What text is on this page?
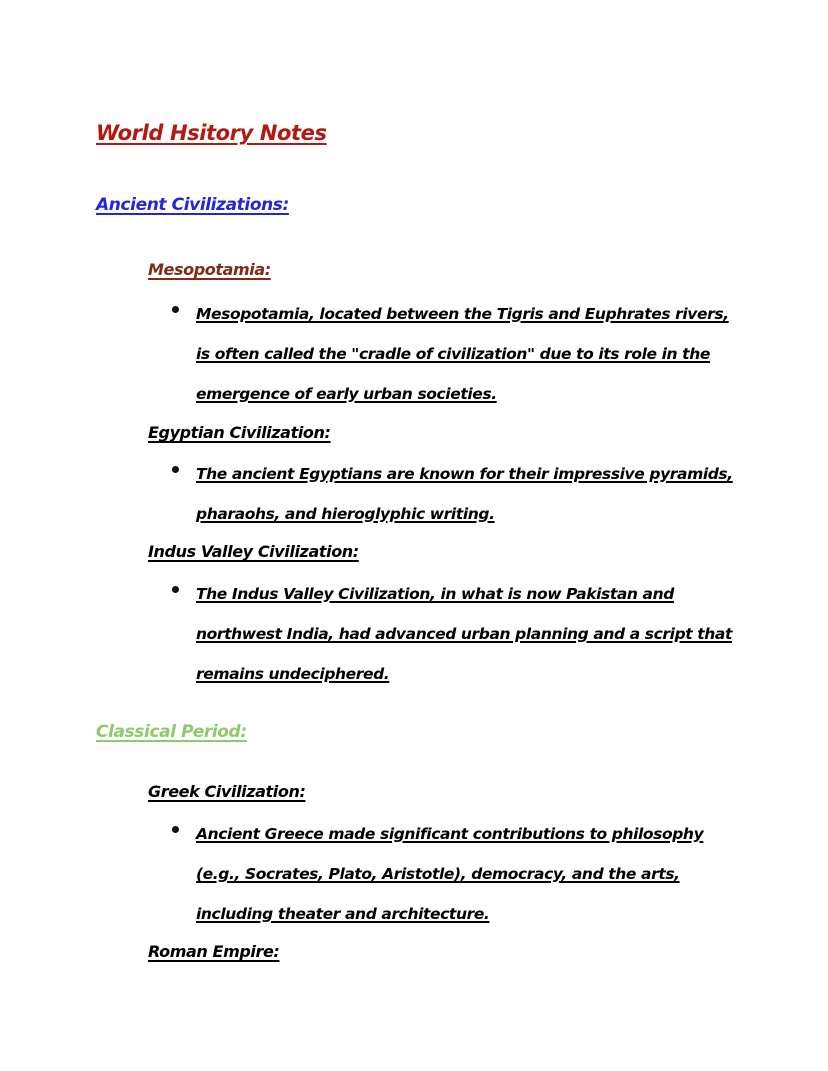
World Hsitory Notes
Ancient Civilizations:
Mesopotamia:
Mesopotamia, located between the Tigris and Euphrates rivers, is often called the "cradle of civilization" due to its role in the emergence of early urban societies.
Egyptian Civilization:
The ancient Egyptians are known for their impressive pyramids, pharaohs, and hieroglyphic writing.
Indus Valley Civilization:
The Indus Valley Civilization, in what is now Pakistan and northwest India, had advanced urban planning and a script that remains undeciphered.
Classical Period:
Greek Civilization:
Ancient Greece made significant contributions to philosophy (e.g., Socrates, Plato, Aristotle), democracy, and the arts, including theater and architecture.
Roman Empire:
